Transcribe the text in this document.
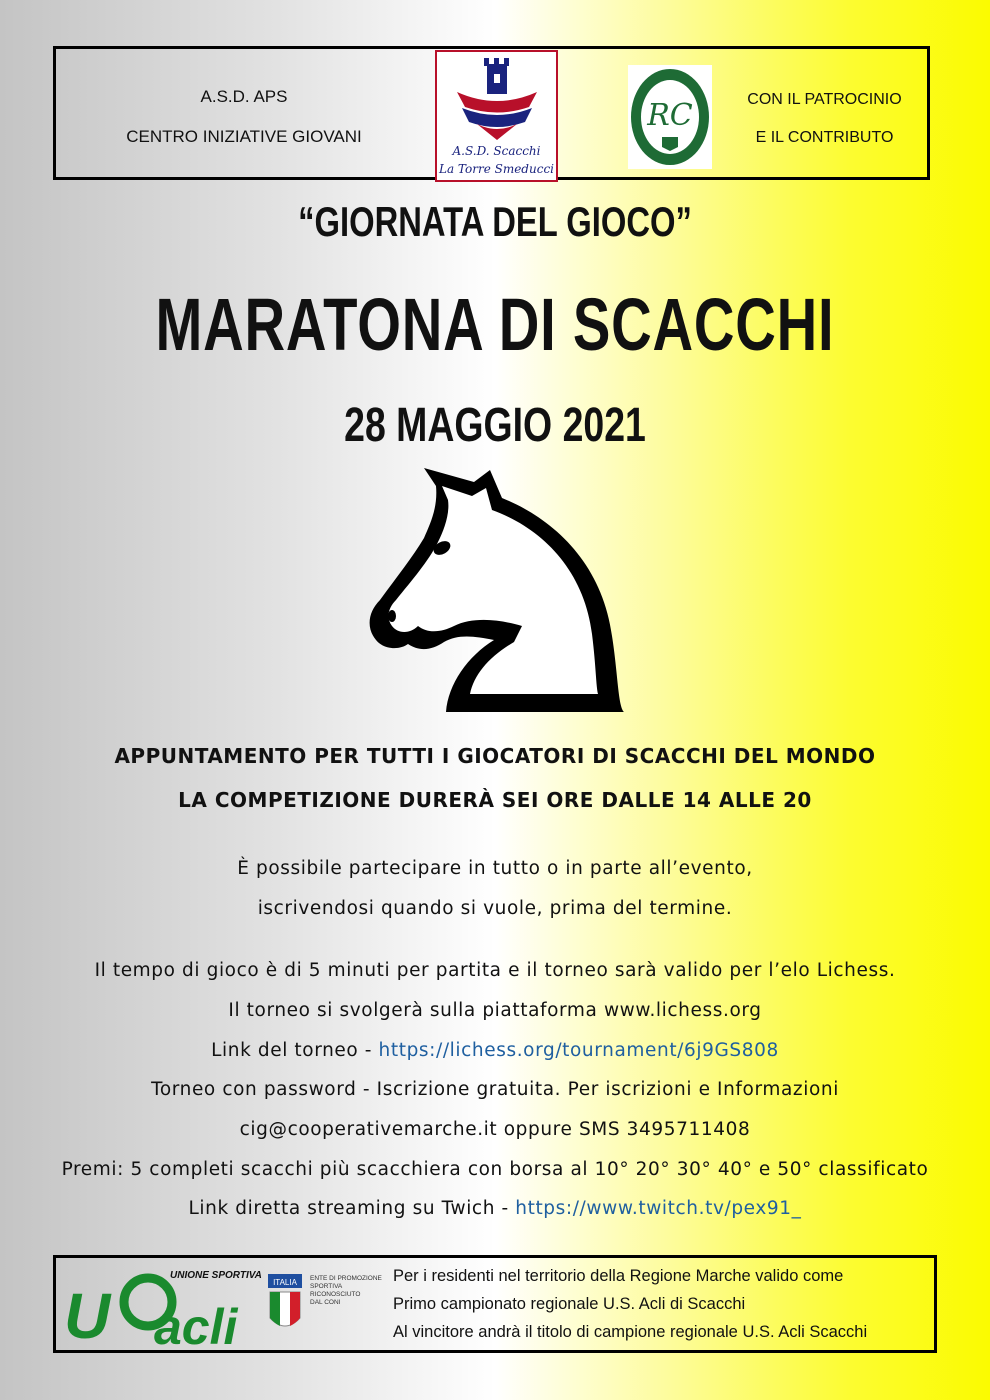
A.S.D. APS
CENTRO INIZIATIVE GIOVANI
A.S.D. Scacchi
La Torre Smeducci
RC	CON IL PATROCINIO
E IL CONTRIBUTO
“GIORNATA DEL GIOCO”
MARATONA DI SCACCHI
28 MAGGIO 2021
APPUNTAMENTO PER TUTTI I GIOCATORI DI SCACCHI DEL MONDO
LA COMPETIZIONE DURERÀ SEI ORE DALLE 14 ALLE 20
È possibile partecipare in tutto o in parte all’evento,
iscrivendosi quando si vuole, prima del termine.
Il tempo di gioco è di 5 minuti per partita e il torneo sarà valido per l’elo Lichess.
Il torneo si svolgerà sulla piattaforma www.lichess.org
Link del torneo - https://lichess.org/tournament/6j9GS808
Torneo con password - Iscrizione gratuita. Per iscrizioni e Informazioni
cig@cooperativemarche.it oppure SMS 3495711408
Premi: 5 completi scacchi più scacchiera con borsa al 10° 20° 30° 40° e 50° classificato
Link diretta streaming su Twich - https://www.twitch.tv/pex91_
UNIONE SPORTIVA
U acli
ITALIA ENTE DI PROMOZIONE
SPORTIVA
RICONOSCIUTO
DAL CONI
Per i residenti nel territorio della Regione Marche valido come
Primo campionato regionale U.S. Acli di Scacchi
Al vincitore andrà il titolo di campione regionale U.S. Acli Scacchi
